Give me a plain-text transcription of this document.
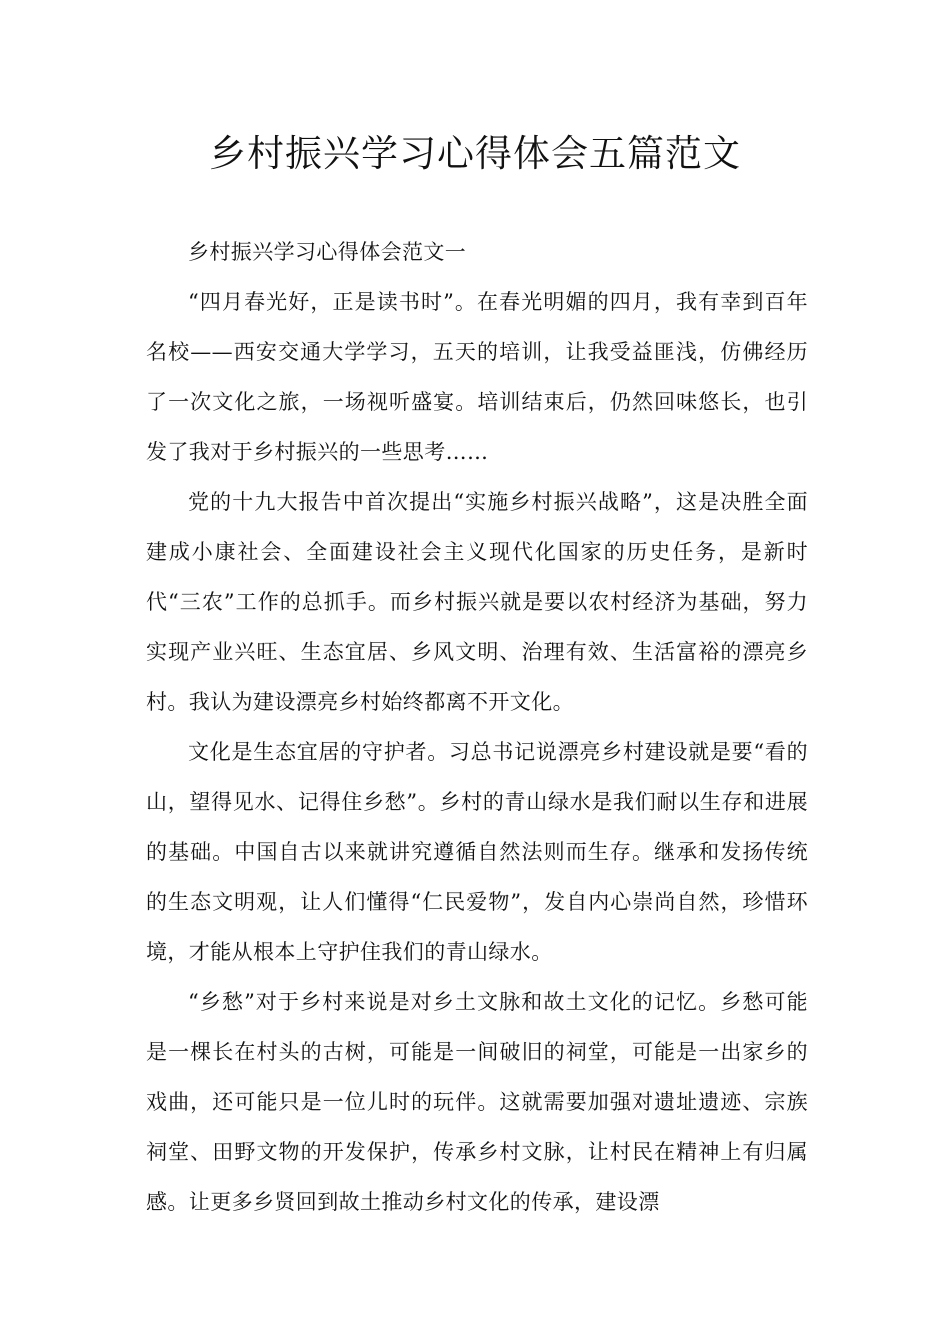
乡村振兴学习心得体会五篇范文

乡村振兴学习心得体会范文一

“四月春光好，正是读书时”。在春光明媚的四月，我有幸到百年名校——西安交通大学学习，五天的培训，让我受益匪浅，仿佛经历了一次文化之旅，一场视听盛宴。培训结束后，仍然回味悠长，也引发了我对于乡村振兴的一些思考……

党的十九大报告中首次提出“实施乡村振兴战略”，这是决胜全面建成小康社会、全面建设社会主义现代化国家的历史任务，是新时代“三农”工作的总抓手。而乡村振兴就是要以农村经济为基础，努力实现产业兴旺、生态宜居、乡风文明、治理有效、生活富裕的漂亮乡村。我认为建设漂亮乡村始终都离不开文化。

文化是生态宜居的守护者。习总书记说漂亮乡村建设就是要“看的山，望得见水、记得住乡愁”。乡村的青山绿水是我们耐以生存和进展的基础。中国自古以来就讲究遵循自然法则而生存。继承和发扬传统的生态文明观，让人们懂得“仁民爱物”，发自内心崇尚自然，珍惜环境，才能从根本上守护住我们的青山绿水。

“乡愁”对于乡村来说是对乡土文脉和故土文化的记忆。乡愁可能是一棵长在村头的古树，可能是一间破旧的祠堂，可能是一出家乡的戏曲，还可能只是一位儿时的玩伴。这就需要加强对遗址遗迹、宗族祠堂、田野文物的开发保护，传承乡村文脉，让村民在精神上有归属感。让更多乡贤回到故土推动乡村文化的传承，建设漂
